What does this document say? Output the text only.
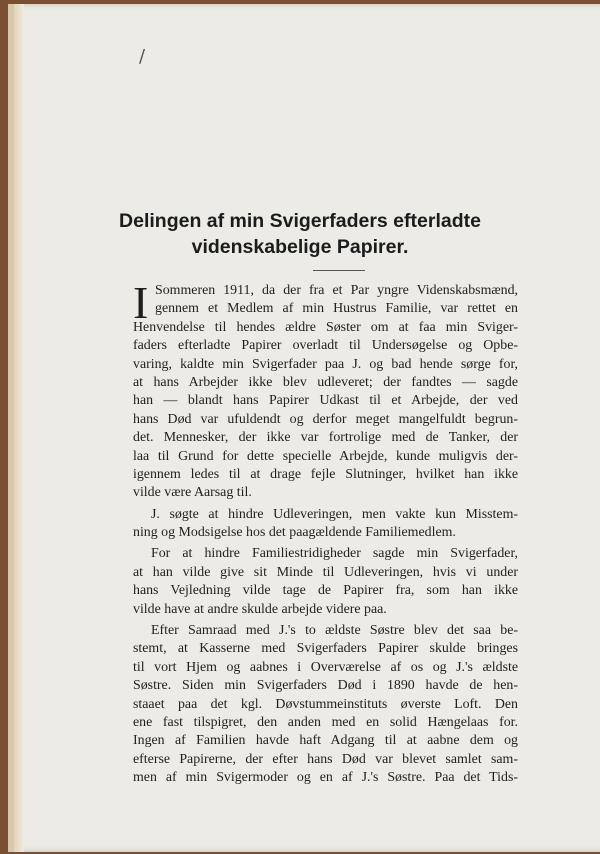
/
Delingen af min Svigerfaders efterladte
videnskabelige Papirer.
I Sommeren 1911, da der fra et Par yngre Videnskabsmænd,
gennem et Medlem af min Hustrus Familie, var rettet en
Henvendelse til hendes ældre Søster om at faa min Sviger-
faders efterladte Papirer overladt til Undersøgelse og Opbe-
varing, kaldte min Svigerfader paa J. og bad hende sørge for,
at hans Arbejder ikke blev udleveret; der fandtes — sagde
han — blandt hans Papirer Udkast til et Arbejde, der ved
hans Død var ufuldendt og derfor meget mangelfuldt begrun-
det. Mennesker, der ikke var fortrolige med de Tanker, der
laa til Grund for dette specielle Arbejde, kunde muligvis der-
igennem ledes til at drage fejle Slutninger, hvilket han ikke
vilde være Aarsag til.
J. søgte at hindre Udleveringen, men vakte kun Misstem-
ning og Modsigelse hos det paagældende Familiemedlem.
For at hindre Familiestridigheder sagde min Svigerfader,
at han vilde give sit Minde til Udleveringen, hvis vi under
hans Vejledning vilde tage de Papirer fra, som han ikke
vilde have at andre skulde arbejde videre paa.
Efter Samraad med J.'s to ældste Søstre blev det saa be-
stemt, at Kasserne med Svigerfaders Papirer skulde bringes
til vort Hjem og aabnes i Overværelse af os og J.'s ældste
Søstre. Siden min Svigerfaders Død i 1890 havde de hen-
staaet paa det kgl. Døvstummeinstituts øverste Loft. Den
ene fast tilspigret, den anden med en solid Hængelaas for.
Ingen af Familien havde haft Adgang til at aabne dem og
efterse Papirerne, der efter hans Død var blevet samlet sam-
men af min Svigermoder og en af J.'s Søstre. Paa det Tids-
